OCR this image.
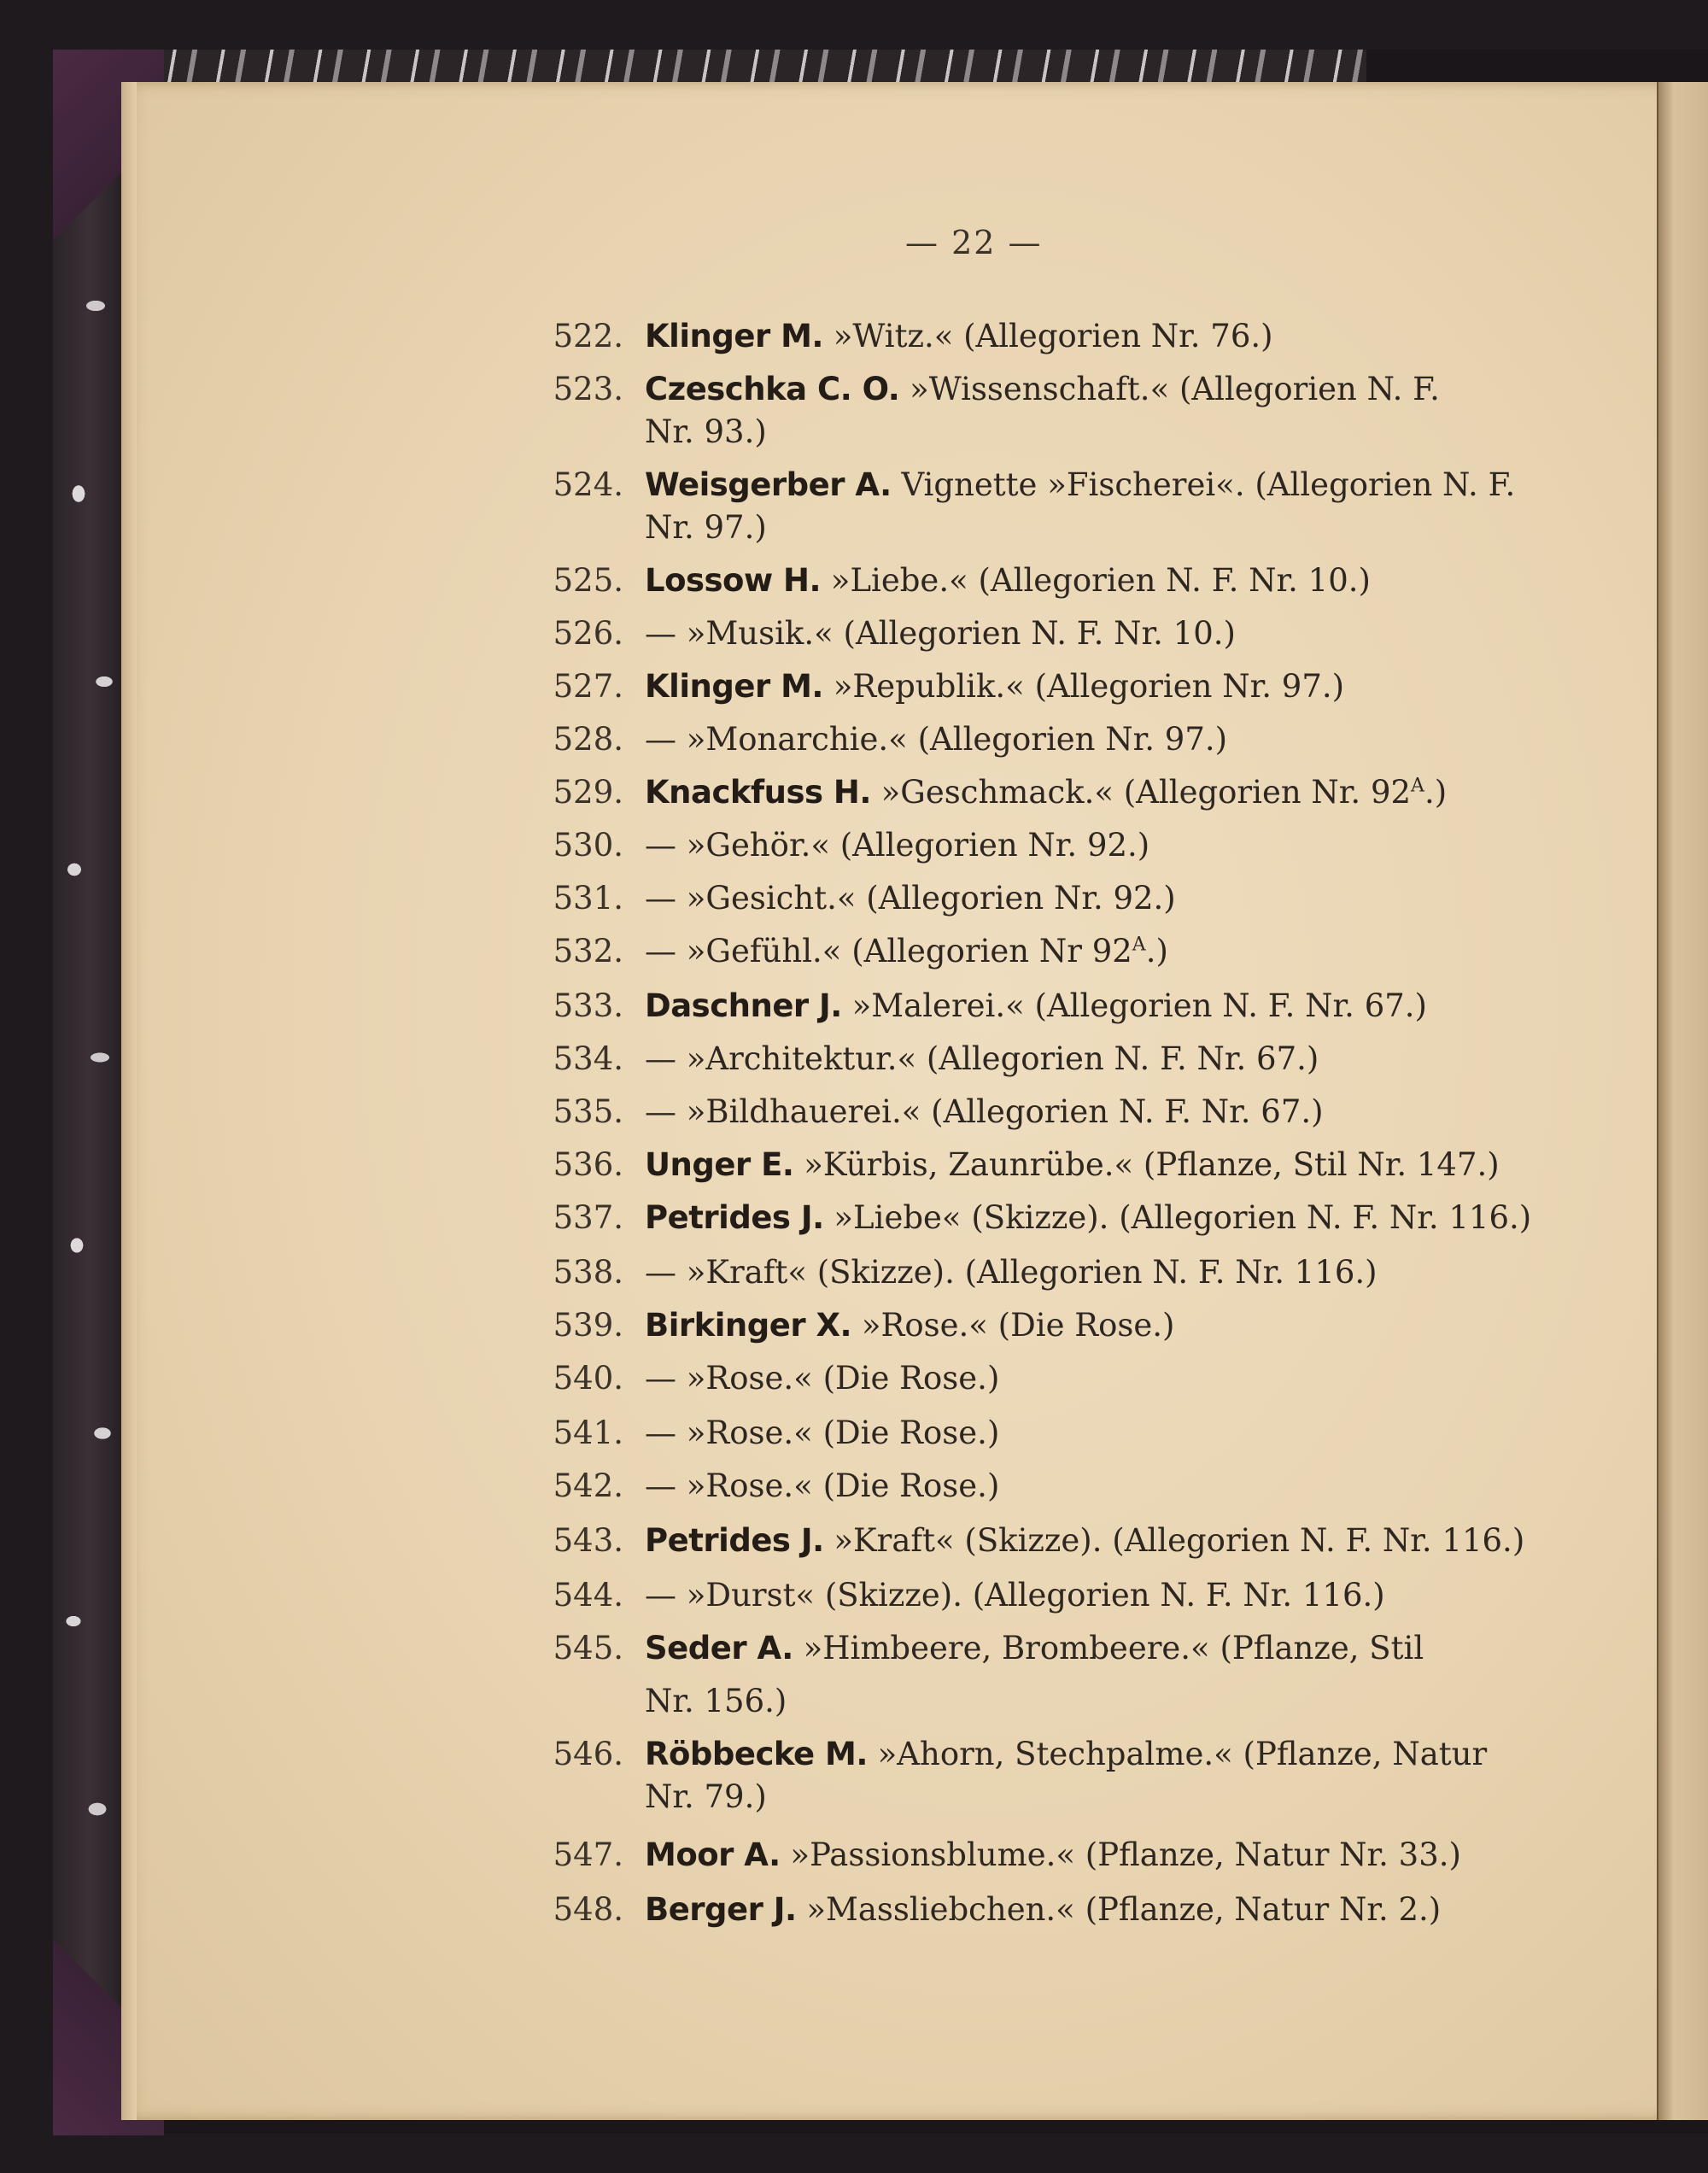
— 22 —
522. Klinger M. »Witz.« (Allegorien Nr. 76.)
523. Czeschka C. O. »Wissenschaft.« (Allegorien N. F.
Nr. 93.)
524. Weisgerber A. Vignette »Fischerei«. (Allegorien N. F.
Nr. 97.)
525. Lossow H. »Liebe.« (Allegorien N. F. Nr. 10.)
526. — »Musik.« (Allegorien N. F. Nr. 10.)
527. Klinger M. »Republik.« (Allegorien Nr. 97.)
528. — »Monarchie.« (Allegorien Nr. 97.)
529. Knackfuss H. »Geschmack.« (Allegorien Nr. $92^A$.)
530. — »Gehör.« (Allegorien Nr. 92.)
531. — »Gesicht.« (Allegorien Nr. 92.)
532. — »Gefühl.« (Allegorien Nr $92^A$.)
533. Daschner J. »Malerei.« (Allegorien N. F. Nr. 67.)
534. — »Architektur.« (Allegorien N. F. Nr. 67.)
535. — »Bildhauerei.« (Allegorien N. F. Nr. 67.)
536. Unger E. »Kürbis, Zaunrübe.« (Pflanze, Stil Nr. 147.)
537. Petrides J. »Liebe« (Skizze). (Allegorien N. F. Nr. 116.)
538. — »Kraft« (Skizze). (Allegorien N. F. Nr. 116.)
539. Birkinger X. »Rose.« (Die Rose.)
540. — »Rose.« (Die Rose.)
541. — »Rose.« (Die Rose.)
542. — »Rose.« (Die Rose.)
543. Petrides J. »Kraft« (Skizze). (Allegorien N. F. Nr. 116.)
544. — »Durst« (Skizze). (Allegorien N. F. Nr. 116.)
545. Seder A. »Himbeere, Brombeere.« (Pflanze, Stil
Nr. 156.)
546. Röbbecke M. »Ahorn, Stechpalme.« (Pflanze, Natur
Nr. 79.)
547. Moor A. »Passionsblume.« (Pflanze, Natur Nr. 33.)
548. Berger J. »Massliebchen.« (Pflanze, Natur Nr. 2.)
